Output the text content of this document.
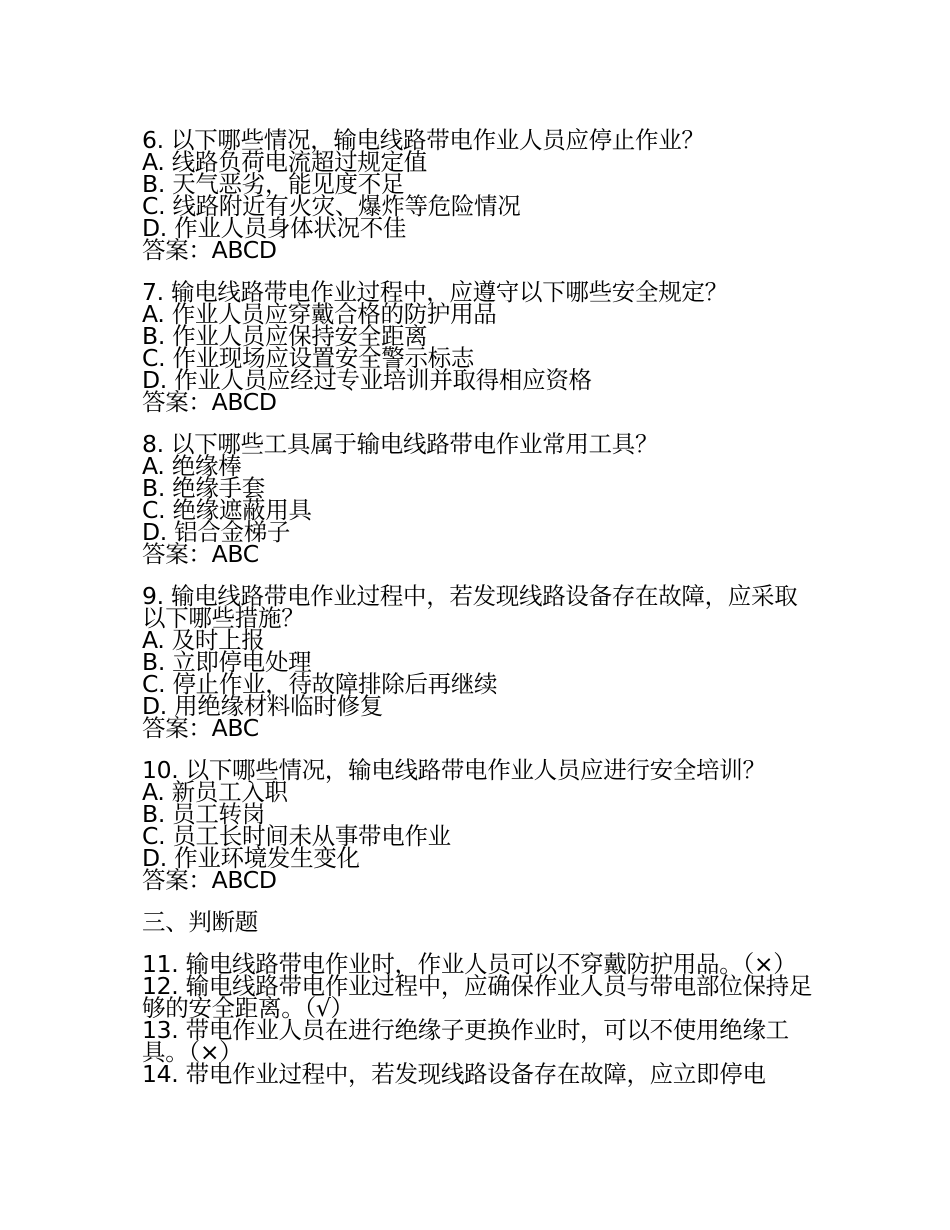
6. 以下哪些情况，输电线路带电作业人员应停止作业？
A. 线路负荷电流超过规定值
B. 天气恶劣，能见度不足
C. 线路附近有火灾、爆炸等危险情况
D. 作业人员身体状况不佳
答案：ABCD
7. 输电线路带电作业过程中，应遵守以下哪些安全规定？
A. 作业人员应穿戴合格的防护用品
B. 作业人员应保持安全距离
C. 作业现场应设置安全警示标志
D. 作业人员应经过专业培训并取得相应资格
答案：ABCD
8. 以下哪些工具属于输电线路带电作业常用工具？
A. 绝缘棒
B. 绝缘手套
C. 绝缘遮蔽用具
D. 铝合金梯子
答案：ABC
9. 输电线路带电作业过程中，若发现线路设备存在故障，应采取以下哪些措施？
A. 及时上报
B. 立即停电处理
C. 停止作业，待故障排除后再继续
D. 用绝缘材料临时修复
答案：ABC
10. 以下哪些情况，输电线路带电作业人员应进行安全培训？
A. 新员工入职
B. 员工转岗
C. 员工长时间未从事带电作业
D. 作业环境发生变化
答案：ABCD
三、判断题
11. 输电线路带电作业时，作业人员可以不穿戴防护用品。（×）
12. 输电线路带电作业过程中，应确保作业人员与带电部位保持足够的安全距离。（√）
13. 带电作业人员在进行绝缘子更换作业时，可以不使用绝缘工具。（×）
14. 带电作业过程中，若发现线路设备存在故障，应立即停电
